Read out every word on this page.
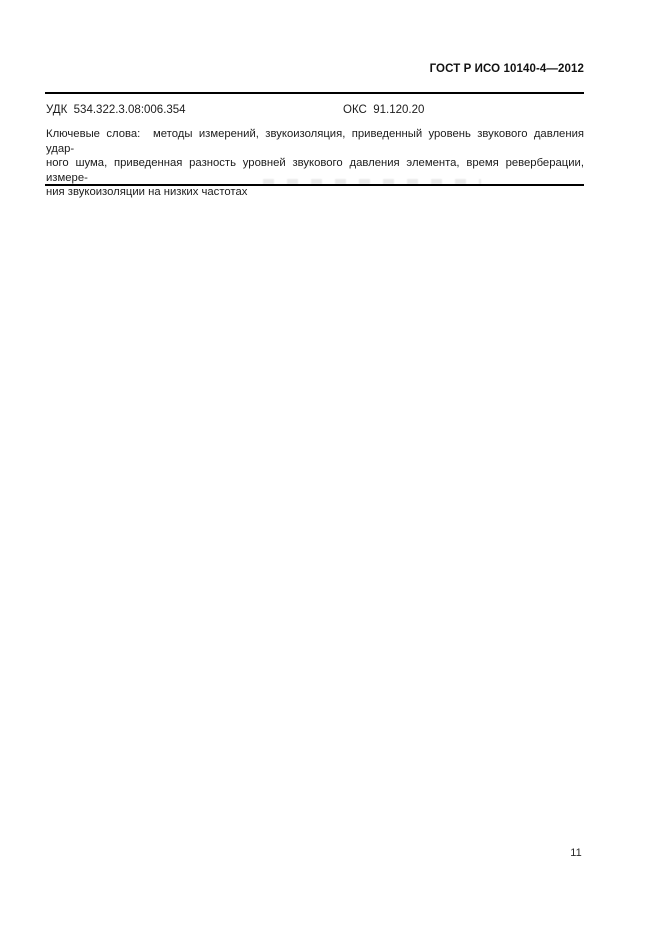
ГОСТ Р ИСО 10140-4—2012
УДК  534.322.3.08:006.354	ОКС  91.120.20
Ключевые слова:  методы измерений, звукоизоляция, приведенный уровень звукового давления удар-
ного шума, приведенная разность уровней звукового давления элемента, время реверберации, измере-
ния звукоизоляции на низких частотах
11
